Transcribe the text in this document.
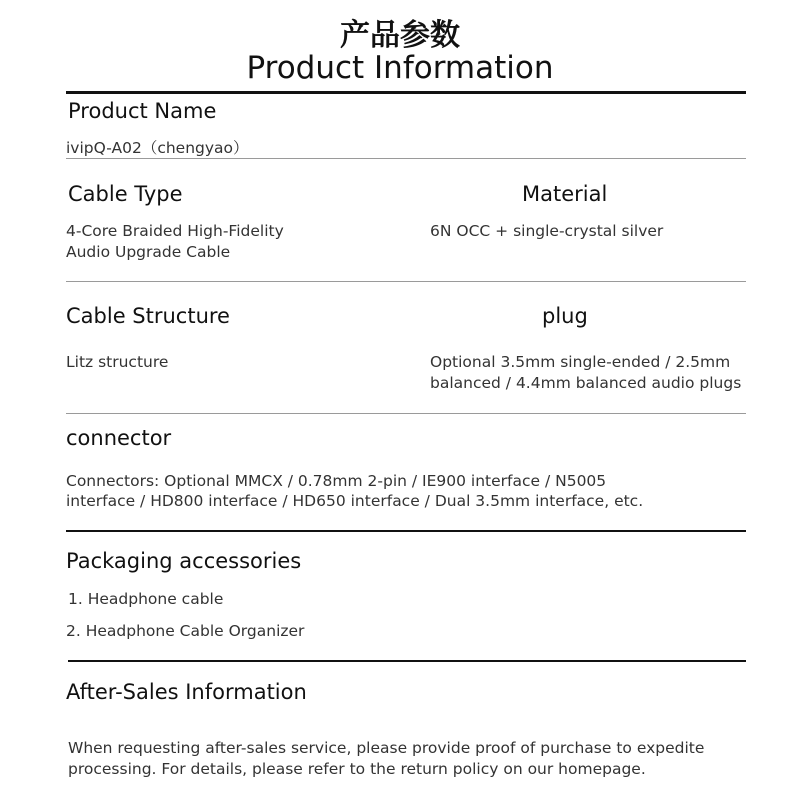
产品参数
Product Information
Product Name
ivipQ-A02（chengyao）
Cable Type
4-Core Braided High-Fidelity
Audio Upgrade Cable
Material
6N OCC + single-crystal silver
Cable Structure
Litz structure
plug
Optional 3.5mm single-ended / 2.5mm
balanced / 4.4mm balanced audio plugs
connector
Connectors: Optional MMCX / 0.78mm 2-pin / IE900 interface / N5005
interface / HD800 interface / HD650 interface / Dual 3.5mm interface, etc.
Packaging accessories
1. Headphone cable
2. Headphone Cable Organizer
After-Sales Information
When requesting after-sales service, please provide proof of purchase to expedite
processing. For details, please refer to the return policy on our homepage.
